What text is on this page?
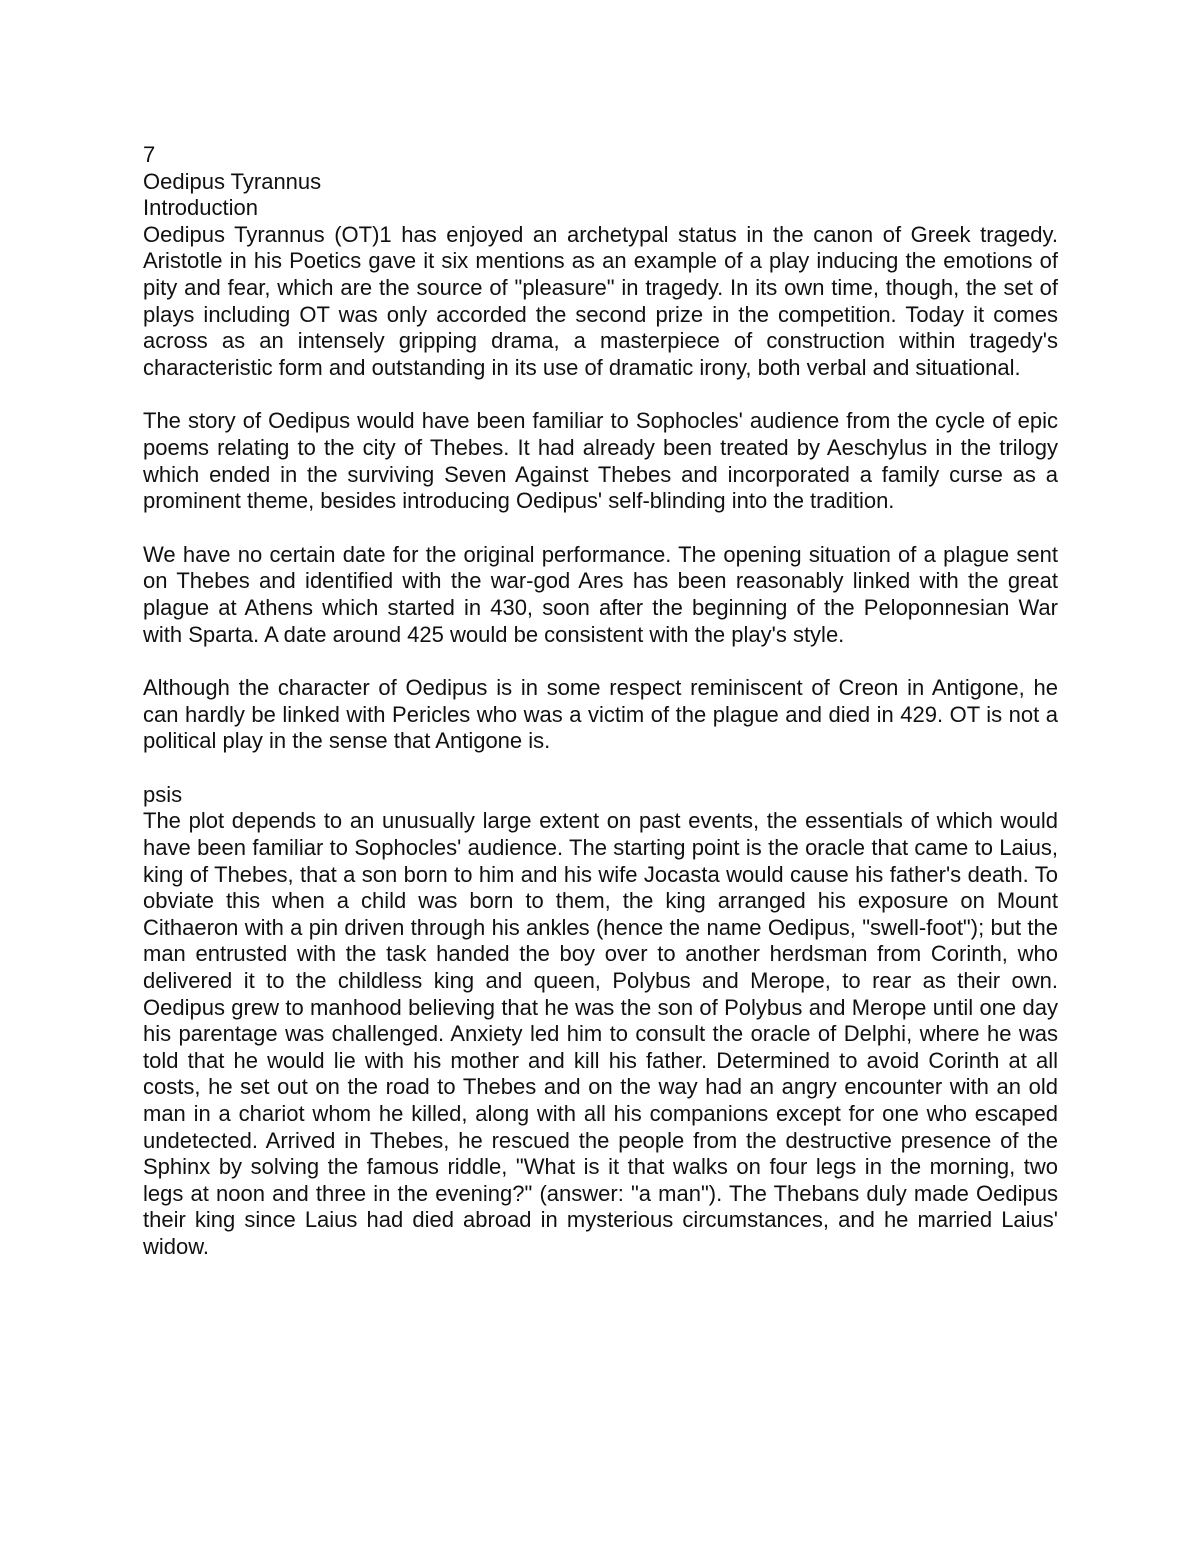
7
Oedipus Tyrannus
Introduction

Oedipus Tyrannus (OT)1 has enjoyed an archetypal status in the canon of Greek tragedy. Aristotle in his Poetics gave it six mentions as an example of a play inducing the emotions of pity and fear, which are the source of "pleasure" in tragedy. In its own time, though, the set of plays including OT was only accorded the second prize in the competition. Today it comes across as an intensely gripping drama, a masterpiece of construction within tragedy's characteristic form and outstanding in its use of dramatic irony, both verbal and situational.

The story of Oedipus would have been familiar to Sophocles' audience from the cycle of epic poems relating to the city of Thebes. It had already been treated by Aeschylus in the trilogy which ended in the surviving Seven Against Thebes and incorporated a family curse as a prominent theme, besides introducing Oedipus' self-blinding into the tradition.

We have no certain date for the original performance. The opening situation of a plague sent on Thebes and identified with the war-god Ares has been reasonably linked with the great plague at Athens which started in 430, soon after the beginning of the Peloponnesian War with Sparta. A date around 425 would be consistent with the play's style.

Although the character of Oedipus is in some respect reminiscent of Creon in Antigone, he can hardly be linked with Pericles who was a victim of the plague and died in 429. OT is not a political play in the sense that Antigone is.

psis

The plot depends to an unusually large extent on past events, the essentials of which would have been familiar to Sophocles' audience. The starting point is the oracle that came to Laius, king of Thebes, that a son born to him and his wife Jocasta would cause his father's death. To obviate this when a child was born to them, the king arranged his exposure on Mount Cithaeron with a pin driven through his ankles (hence the name Oedipus, "swell-foot"); but the man entrusted with the task handed the boy over to another herdsman from Corinth, who delivered it to the childless king and queen, Polybus and Merope, to rear as their own. Oedipus grew to manhood believing that he was the son of Polybus and Merope until one day his parentage was challenged. Anxiety led him to consult the oracle of Delphi, where he was told that he would lie with his mother and kill his father. Determined to avoid Corinth at all costs, he set out on the road to Thebes and on the way had an angry encounter with an old man in a chariot whom he killed, along with all his companions except for one who escaped undetected. Arrived in Thebes, he rescued the people from the destructive presence of the Sphinx by solving the famous riddle, "What is it that walks on four legs in the morning, two legs at noon and three in the evening?" (answer: "a man"). The Thebans duly made Oedipus their king since Laius had died abroad in mysterious circumstances, and he married Laius' widow.
